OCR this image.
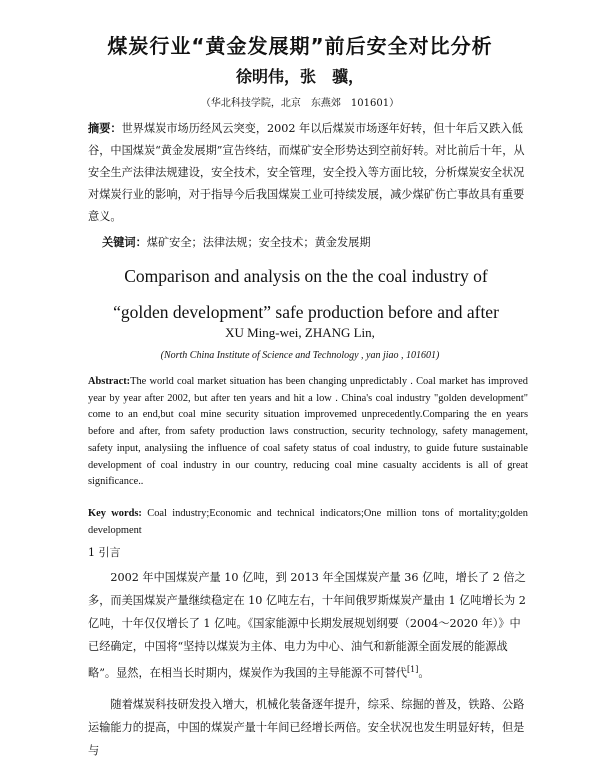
煤炭行业“黄金发展期”前后安全对比分析
徐明伟，张　骥，
（华北科技学院，北京　东燕郊　101601）
摘要：世界煤炭市场历经风云突变，2002 年以后煤炭市场逐年好转，但十年后又跌入低谷，中国煤炭“黄金发展期”宣告终结，而煤矿安全形势达到空前好转。对比前后十年，从安全生产法律法规建设，安全技术，安全管理，安全投入等方面比较，分析煤炭安全状况对煤炭行业的影响，对于指导今后我国煤炭工业可持续发展，减少煤矿伤亡事故具有重要意义。
关键词：煤矿安全；法律法规；安全技术；黄金发展期
Comparison and analysis on the the coal industry of “golden development” safe production before and after
XU Ming-wei, ZHANG Lin,
(North China Institute of Science and Technology , yan jiao , 101601)
Abstract:The world coal market situation has been changing unpredictably . Coal market has improved year by year after 2002, but after ten years and hit a low . China's coal industry "golden development" come to an end,but coal mine security situation improvemed unprecedently.Comparing the en years before and after, from safety production laws construction, security technology, safety management, safety input, analysiing the influence of coal safety status of coal industry, to guide future sustainable development of coal industry in our country, reducing coal mine casualty accidents is all of great significance..
Key words: Coal industry;Economic and technical indicators;One million tons of mortality;golden development
1 引言

2002 年中国煤炭产量 10 亿吨，到 2013 年全国煤炭产量 36 亿吨，增长了 2 倍之多，而美国煤炭产量继续稳定在 10 亿吨左右，十年间俄罗斯煤炭产量由 1 亿吨增长为 2 亿吨，十年仅仅增长了 1 亿吨。《国家能源中长期发展规划纲要（2004～2020 年）》中已经确定，中国将“坚持以煤炭为主体、电力为中心、油气和新能源全面发展的能源战略”。显然，在相当长时期内，煤炭作为我国的主导能源不可替代[1]。

随着煤炭科技研发投入增大，机械化装备逐年提升，综采、综掘的普及，铁路、公路运输能力的提高，中国的煤炭产量十年间已经增长两倍。安全状况也发生明显好转，但是与
